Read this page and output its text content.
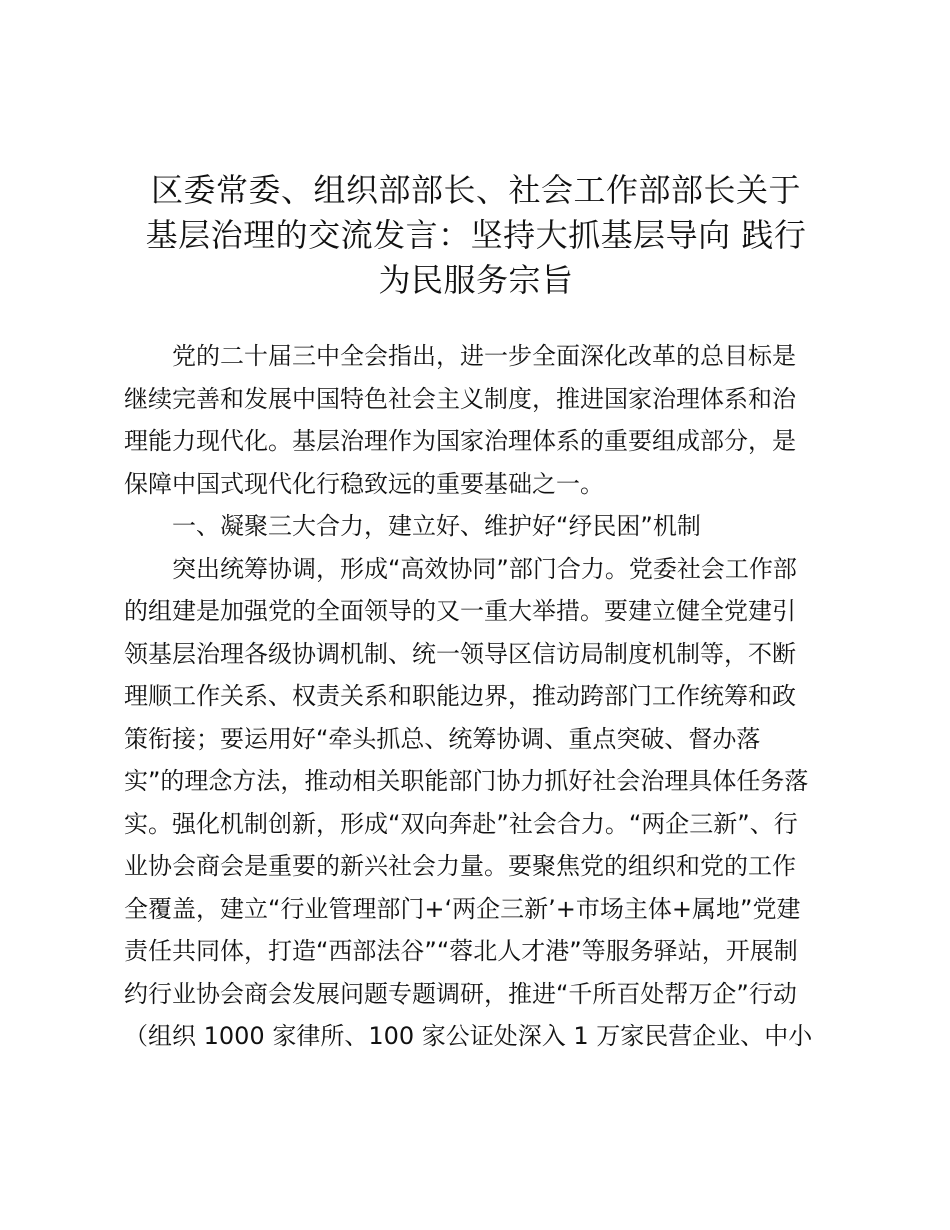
区委常委、组织部部长、社会工作部部长关于
基层治理的交流发言：坚持大抓基层导向 践行
为民服务宗旨
党的二十届三中全会指出，进一步全面深化改革的总目标是
继续完善和发展中国特色社会主义制度，推进国家治理体系和治
理能力现代化。基层治理作为国家治理体系的重要组成部分，是
保障中国式现代化行稳致远的重要基础之一。
一、凝聚三大合力，建立好、维护好“纾民困”机制
突出统筹协调，形成“高效协同”部门合力。党委社会工作部
的组建是加强党的全面领导的又一重大举措。要建立健全党建引
领基层治理各级协调机制、统一领导区信访局制度机制等，不断
理顺工作关系、权责关系和职能边界，推动跨部门工作统筹和政
策衔接；要运用好“牵头抓总、统筹协调、重点突破、督办落
实”的理念方法，推动相关职能部门协力抓好社会治理具体任务落
实。强化机制创新，形成“双向奔赴”社会合力。“两企三新”、行
业协会商会是重要的新兴社会力量。要聚焦党的组织和党的工作
全覆盖，建立“行业管理部门+‘两企三新’+市场主体+属地”党建
责任共同体，打造“西部法谷”“蓉北人才港”等服务驿站，开展制
约行业协会商会发展问题专题调研，推进“千所百处帮万企”行动
（组织 1000 家律所、100 家公证处深入 1 万家民营企业、中小
